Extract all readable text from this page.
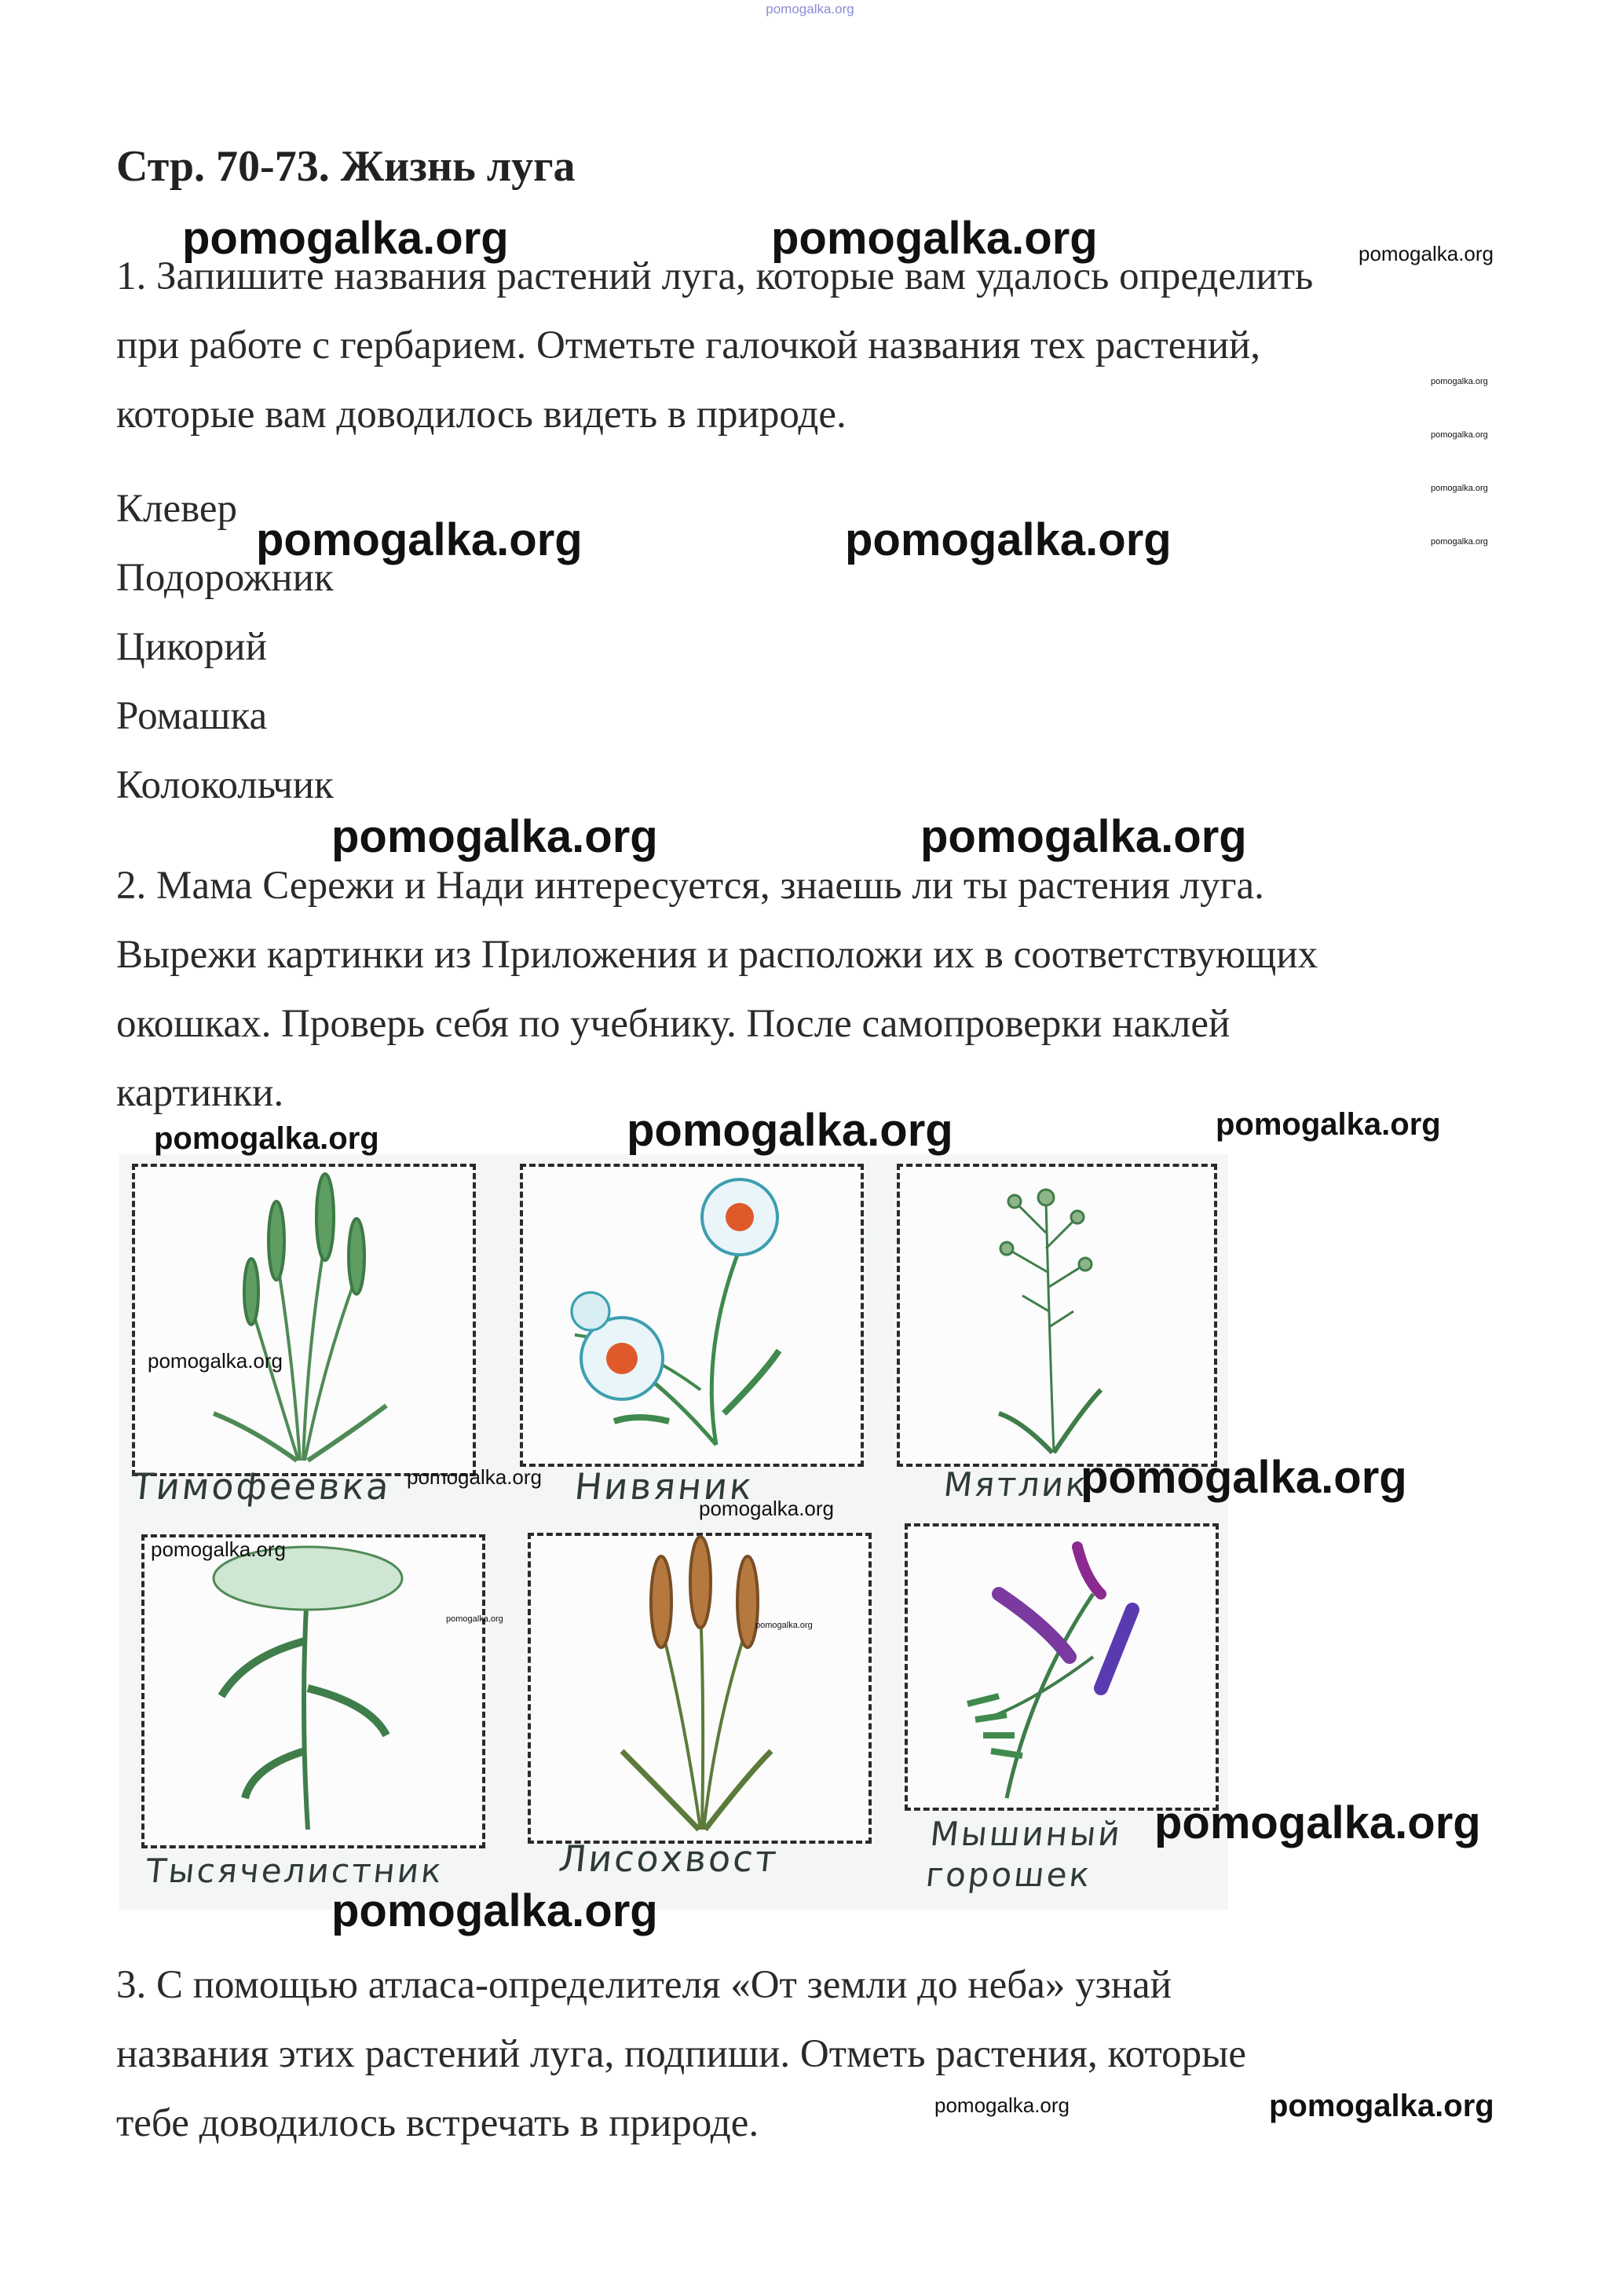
pomogalka.org
Стр. 70-73. Жизнь луга

1. Запишите названия растений луга, которые вам удалось определить

при работе с гербарием. Отметьте галочкой названия тех растений,

которые вам доводилось видеть в природе.

Клевер
Подорожник
Цикорий
Ромашка
Колокольчик

2. Мама Сережи и Нади интересуется, знаешь ли ты растения луга.

Вырежи картинки из Приложения и расположи их в соответствующих

окошках. Проверь себя по учебнику. После самопроверки наклей

картинки.

Тимофеевка	Нивяник	Мятлик
Тысячелистник	Лисохвост
Мышиный
горошек

3. С помощью атласа-определителя «От земли до неба» узнай

названия этих растений луга, подпиши. Отметь растения, которые

тебе доводилось встречать в природе.

pomogalka.org	pomogalka.org	pomogalka.org
pomogalka.org
pomogalka.org
pomogalka.org
pomogalka.org
pomogalka.org	pomogalka.org
pomogalka.org	pomogalka.org
pomogalka.org	pomogalka.org	pomogalka.org
pomogalka.org
pomogalka.org	pomogalka.org
pomogalka.org
pomogalka.org
pomogalka.org
pomogalka.org
pomogalka.org
pomogalka.org
pomogalka.org	pomogalka.org
